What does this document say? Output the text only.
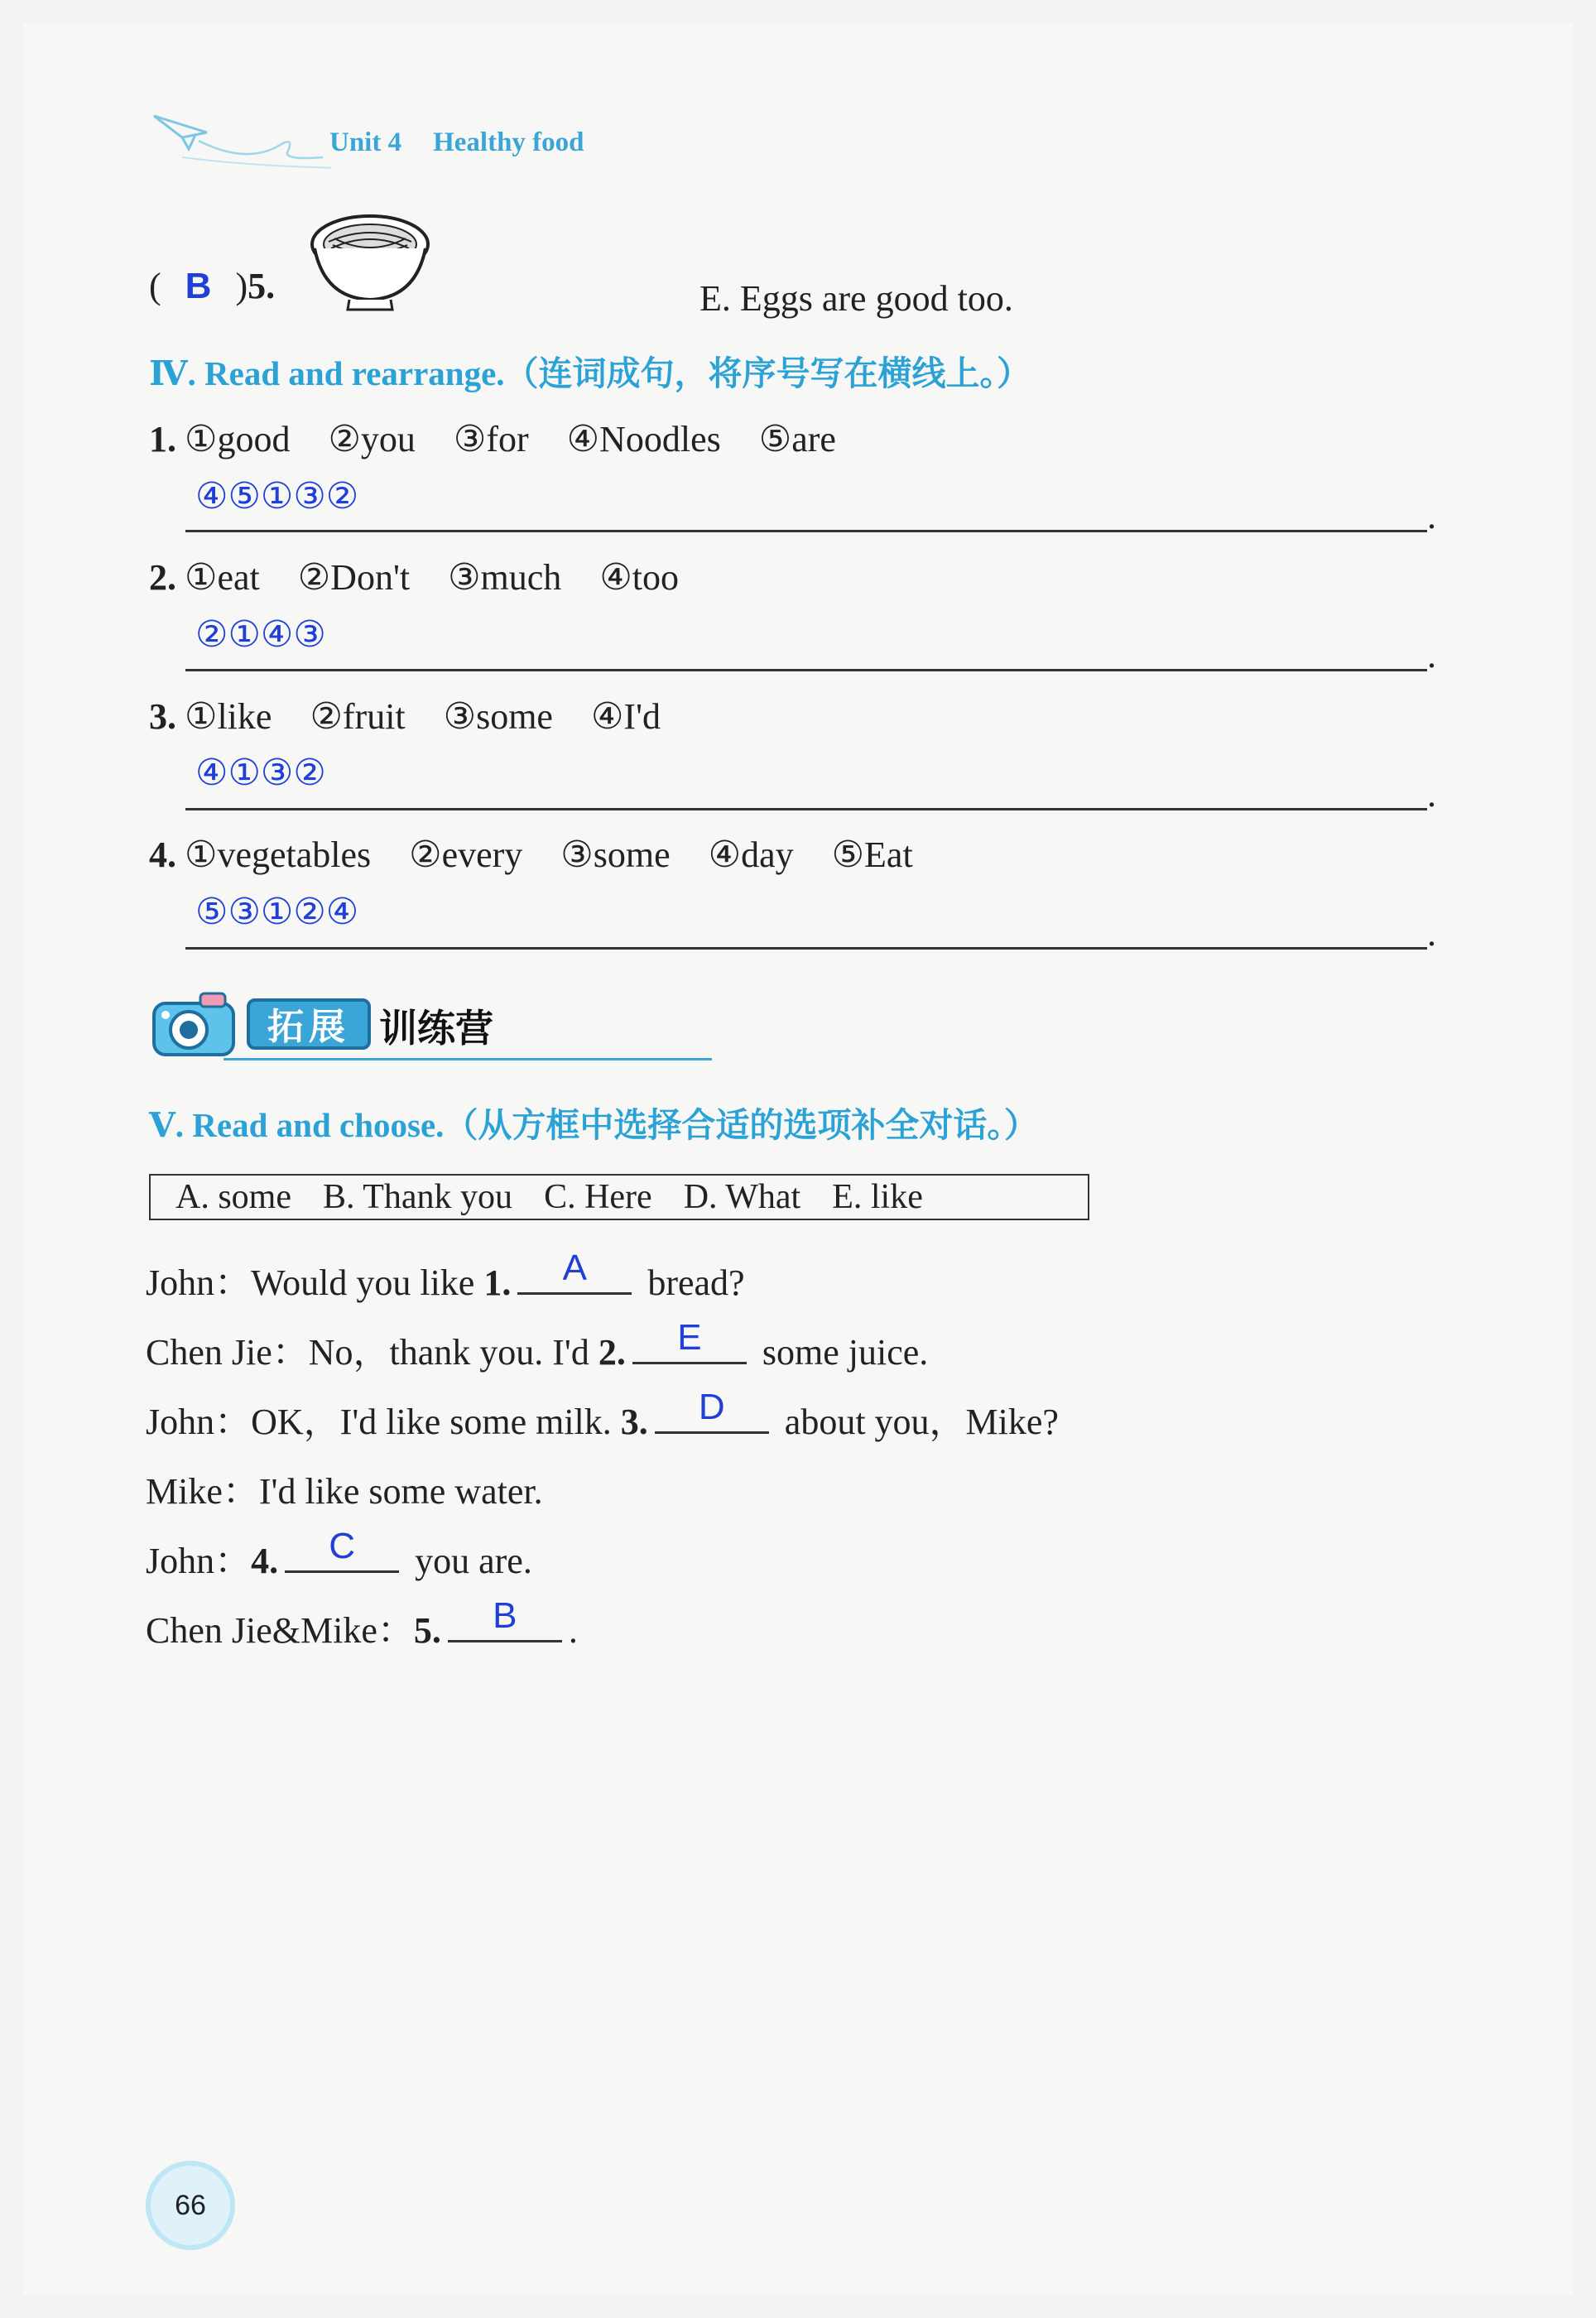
Unit 4 Healthy food
( B )5.	E. Eggs are good too.
Ⅳ. Read and rearrange.（连词成句，将序号写在横线上。）
1. ①good ②you ③for ④Noodles ⑤are
④⑤①③②	.
2. ①eat ②Don't ③much ④too
②①④③	.
3. ①like ②fruit ③some ④I'd
④①③②
.
4. ①vegetables ②every ③some ④day ⑤Eat
⑤③①②④
.
拓展 训练营
Ⅴ. Read and choose.（从方框中选择合适的选项补全对话。）
A. some B. Thank you C. Here D. What E. like
John：Would you like 1.	A	bread?
Chen Jie：No，thank you. I'd 2.	E	some juice.
John：OK，I'd like some milk. 3.	D	about you，Mike?
Mike：I'd like some water.
John：4.	C	you are.
Chen Jie&Mike：5.	B	.
66
